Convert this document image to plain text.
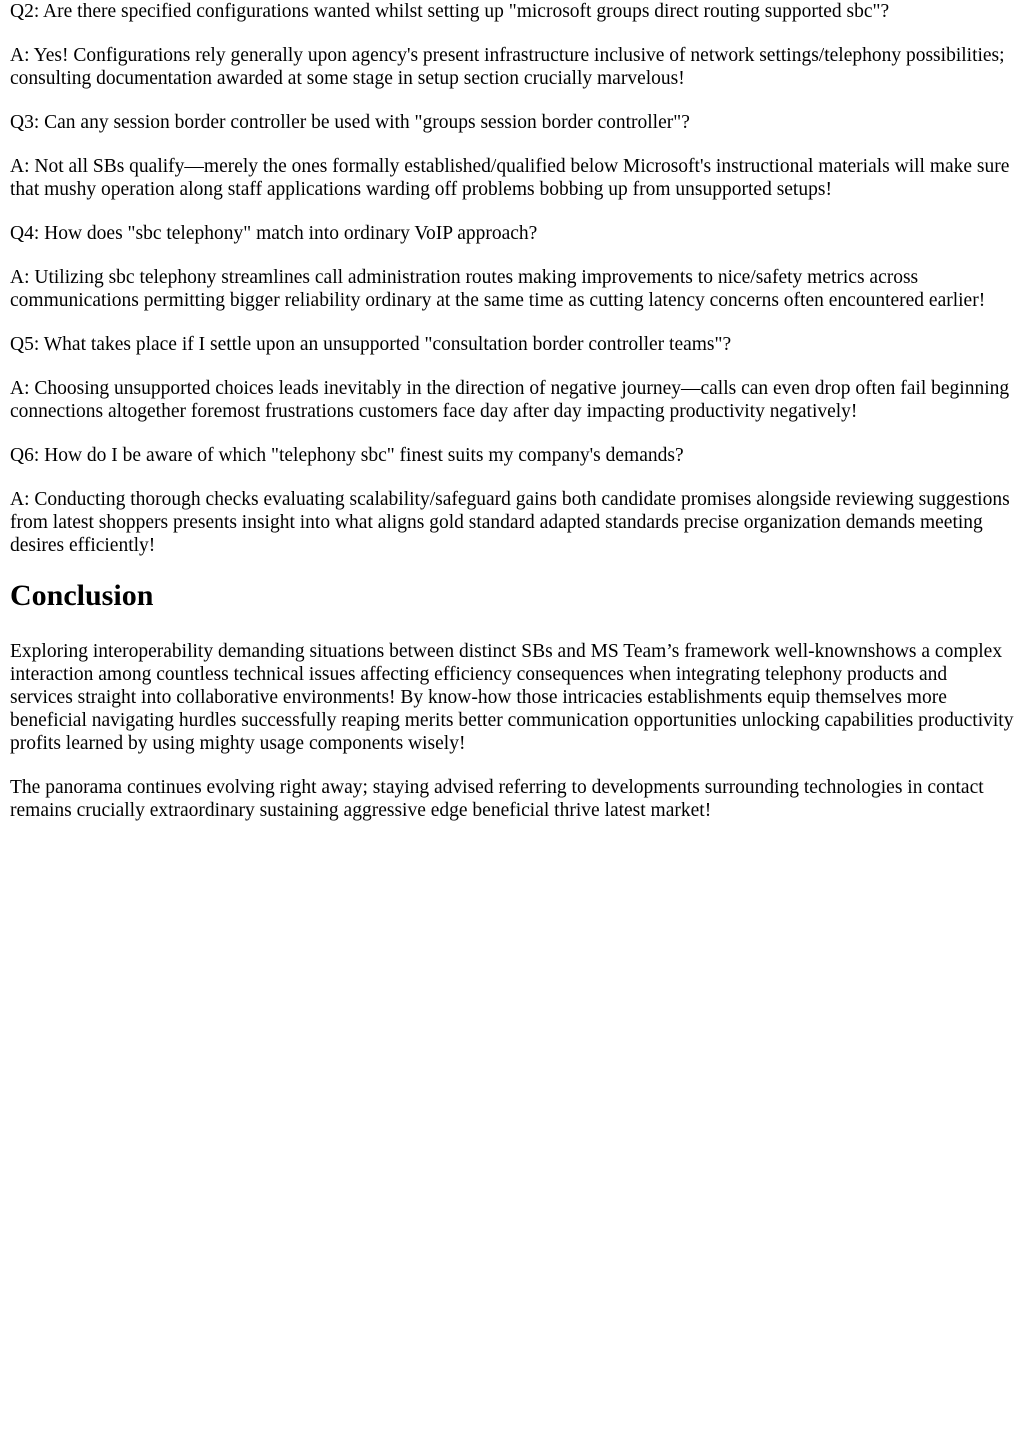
Q2: Are there specified configurations wanted whilst setting up "microsoft groups direct routing supported sbc"?

A: Yes! Configurations rely generally upon agency's present infrastructure inclusive of network settings/telephony possibilities; consulting documentation awarded at some stage in setup section crucially marvelous!

Q3: Can any session border controller be used with "groups session border controller"?

A: Not all SBs qualify—merely the ones formally established/qualified below Microsoft's instructional materials will make sure that mushy operation along staff applications warding off problems bobbing up from unsupported setups!

Q4: How does "sbc telephony" match into ordinary VoIP approach?

A: Utilizing sbc telephony streamlines call administration routes making improvements to nice/safety metrics across communications permitting bigger reliability ordinary at the same time as cutting latency concerns often encountered earlier!

Q5: What takes place if I settle upon an unsupported "consultation border controller teams"?

A: Choosing unsupported choices leads inevitably in the direction of negative journey—calls can even drop often fail beginning connections altogether foremost frustrations customers face day after day impacting productivity negatively!

Q6: How do I be aware of which "telephony sbc" finest suits my company's demands?

A: Conducting thorough checks evaluating scalability/safeguard gains both candidate promises alongside reviewing suggestions from latest shoppers presents insight into what aligns gold standard adapted standards precise organization demands meeting desires efficiently!

Conclusion

Exploring interoperability demanding situations between distinct SBs and MS Team’s framework well-knownshows a complex interaction among countless technical issues affecting efficiency consequences when integrating telephony products and services straight into collaborative environments! By know-how those intricacies establishments equip themselves more beneficial navigating hurdles successfully reaping merits better communication opportunities unlocking capabilities productivity profits learned by using mighty usage components wisely!

The panorama continues evolving right away; staying advised referring to developments surrounding technologies in contact remains crucially extraordinary sustaining aggressive edge beneficial thrive latest market!
